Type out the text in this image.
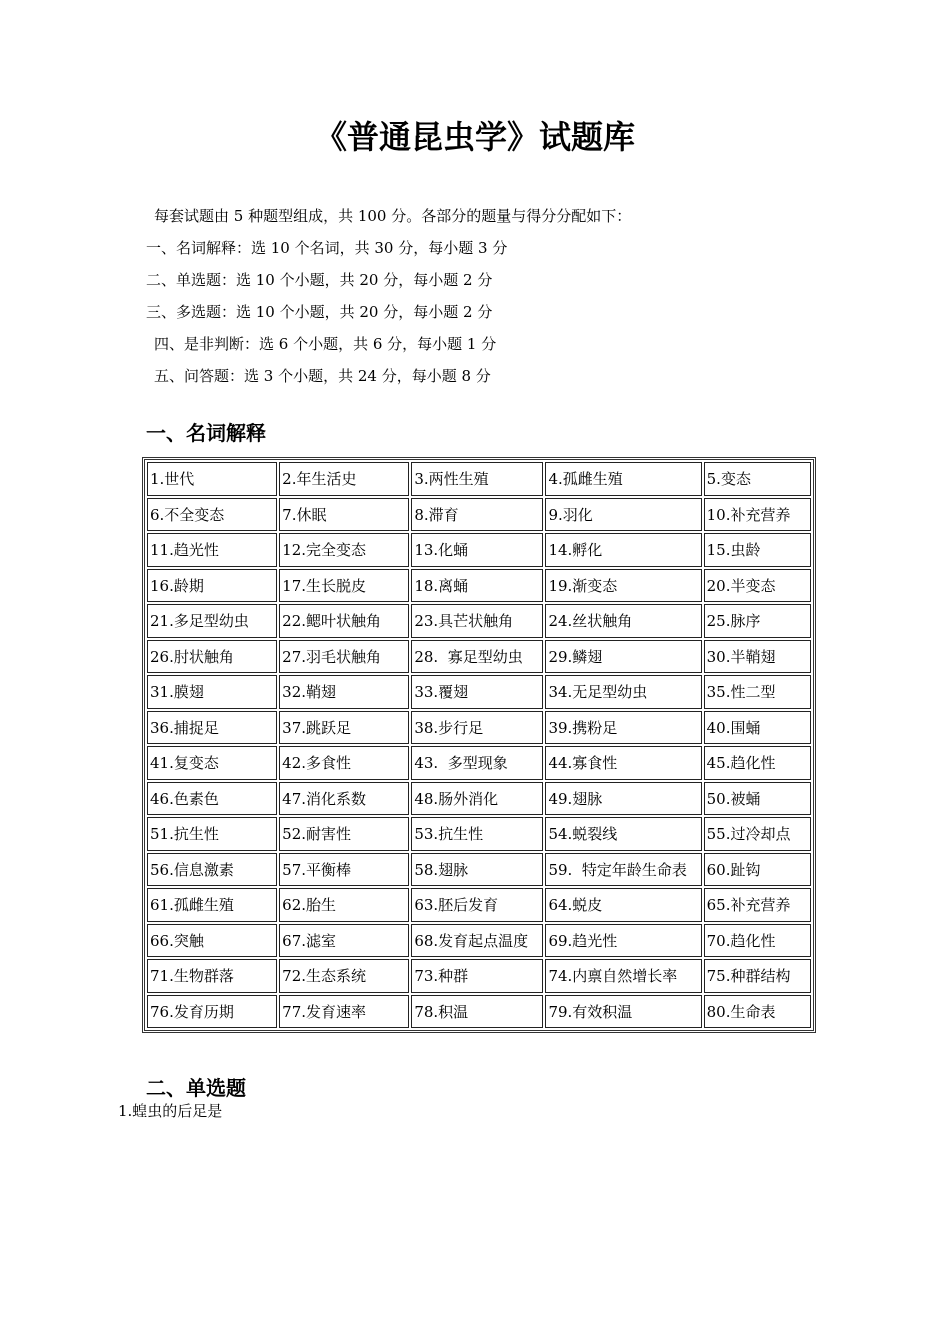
《普通昆虫学》试题库
每套试题由 5 种题型组成，共 100 分。各部分的题量与得分分配如下：
一、名词解释：选 10 个名词，共 30 分，每小题 3 分
二、单选题：选 10 个小题，共 20 分，每小题 2 分
三、多选题：选 10 个小题，共 20 分，每小题 2 分
四、是非判断：选 6 个小题，共 6 分，每小题 1 分
五、问答题：选 3 个小题，共 24 分，每小题 8 分
一、名词解释
1.世代	2.年生活史	3.两性生殖	4.孤雌生殖	5.变态
6.不全变态	7.休眠	8.滞育	9.羽化	10.补充营养
11.趋光性	12.完全变态	13.化蛹	14.孵化	15.虫龄
16.龄期	17.生长脱皮	18.离蛹	19.渐变态	20.半变态
21.多足型幼虫	22.鳃叶状触角	23.具芒状触角	24.丝状触角	25.脉序
26.肘状触角	27.羽毛状触角	28.  寡足型幼虫	29.鳞翅	30.半鞘翅
31.膜翅	32.鞘翅	33.覆翅	34.无足型幼虫	35.性二型
36.捕捉足	37.跳跃足	38.步行足	39.携粉足	40.围蛹
41.复变态	42.多食性	43.  多型现象	44.寡食性	45.趋化性
46.色素色	47.消化系数	48.肠外消化	49.翅脉	50.被蛹
51.抗生性	52.耐害性	53.抗生性	54.蜕裂线	55.过冷却点
56.信息激素	57.平衡棒	58.翅脉	59.  特定年龄生命表	60.趾钩
61.孤雌生殖	62.胎生	63.胚后发育	64.蜕皮	65.补充营养
66.突触	67.滤室	68.发育起点温度	69.趋光性	70.趋化性
71.生物群落	72.生态系统	73.种群	74.内禀自然增长率	75.种群结构
76.发育历期	77.发育速率	78.积温	79.有效积温	80.生命表
二、单选题
1.蝗虫的后足是
